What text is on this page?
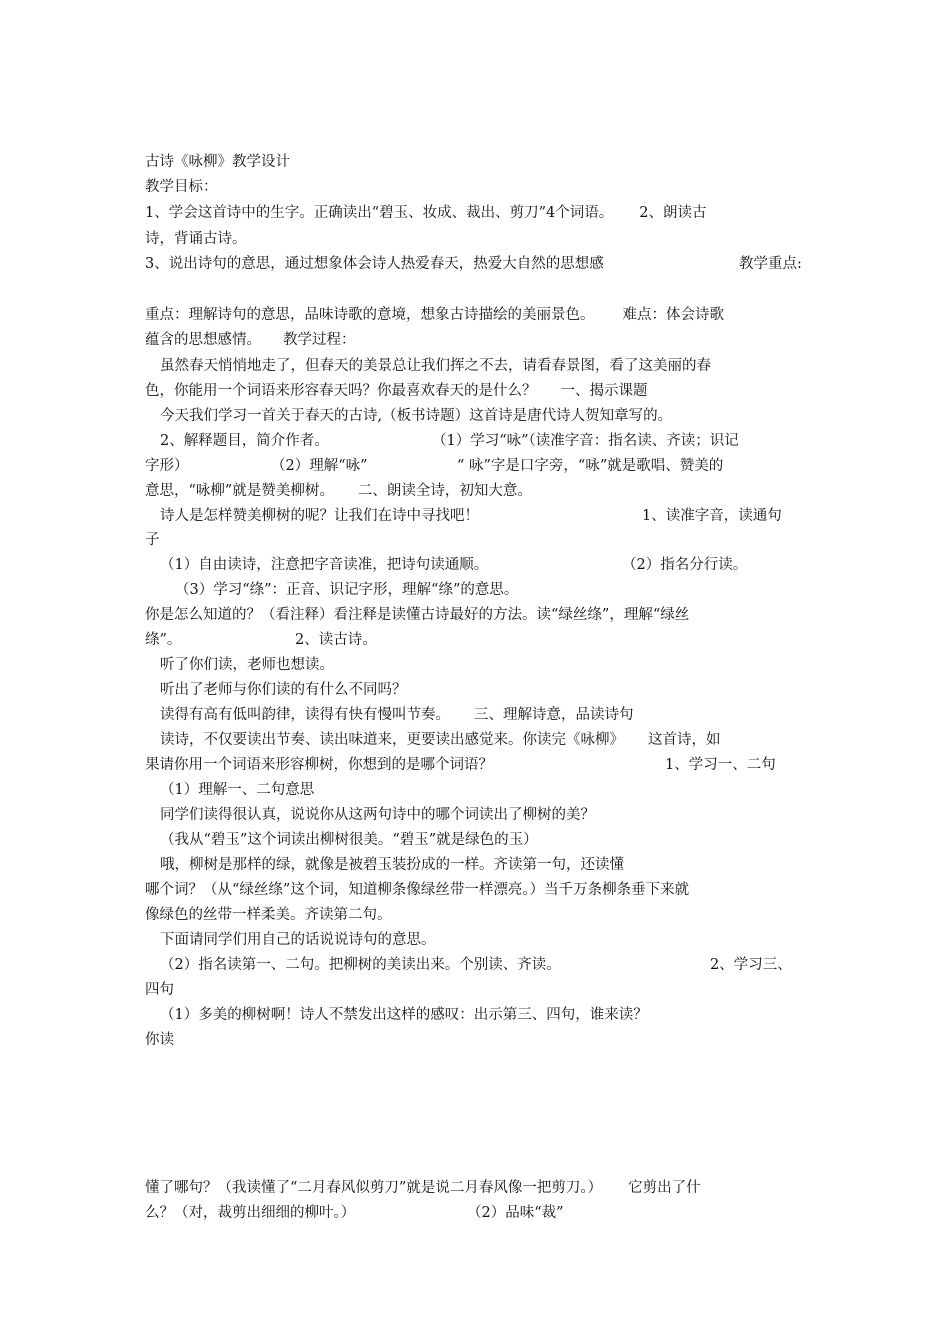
古诗《咏柳》教学设计
教学目标：
1、学会这首诗中的生字。正确读出“碧玉、妆成、裁出、剪刀”4个词语。 2、朗读古
诗，背诵古诗。
3、说出诗句的意思，通过想象体会诗人热爱春天，热爱大自然的思想感	教学重点:
重点：理解诗句的意思，品味诗歌的意境，想象古诗描绘的美丽景色。 难点：体会诗歌
蕴含的思想感情。 教学过程：
虽然春天悄悄地走了，但春天的美景总让我们挥之不去，请看春景图，看了这美丽的春
色，你能用一个词语来形容春天吗？你最喜欢春天的是什么？ 一、揭示课题
今天我们学习一首关于春天的古诗,（板书诗题）这首诗是唐代诗人贺知章写的。
2、解释题目，简介作者。	（1）学习“咏”（读准字音：指名读、齐读；识记
字形）	（2）理解“咏”	“ 咏”字是口字旁，“咏”就是歌唱、赞美的
意思，“咏柳”就是赞美柳树。 二、朗读全诗，初知大意。
诗人是怎样赞美柳树的呢？让我们在诗中寻找吧！	1、读准字音，读通句
子
（1）自由读诗，注意把字音读准，把诗句读通顺。	（2）指名分行读。
（3）学习“绦”：正音、识记字形，理解“绦”的意思。
你是怎么知道的？（看注释）看注释是读懂古诗最好的方法。读“绿丝绦”，理解“绿丝
绦”。	2、读古诗。
听了你们读，老师也想读。
听出了老师与你们读的有什么不同吗？
读得有高有低叫韵律，读得有快有慢叫节奏。 三、理解诗意，品读诗句
读诗，不仅要读出节奏、读出味道来，更要读出感觉来。你读完《咏柳》 这首诗，如
果请你用一个词语来形容柳树，你想到的是哪个词语？	1、学习一、二句
（1）理解一、二句意思
同学们读得很认真，说说你从这两句诗中的哪个词读出了柳树的美？
（我从“碧玉”这个词读出柳树很美。“碧玉”就是绿色的玉）
哦，柳树是那样的绿，就像是被碧玉装扮成的一样。齐读第一句，还读懂
哪个词？（从“绿丝绦”这个词，知道柳条像绿丝带一样漂亮。）当千万条柳条垂下来就
像绿色的丝带一样柔美。齐读第二句。
下面请同学们用自己的话说说诗句的意思。
（2）指名读第一、二句。把柳树的美读出来。个别读、齐读。	2、学习三、
四句
（1）多美的柳树啊！诗人不禁发出这样的感叹：出示第三、四句，谁来读？
你读
懂了哪句？（我读懂了“二月春风似剪刀”就是说二月春风像一把剪刀。） 它剪出了什
么？（对，裁剪出细细的柳叶。）	（2）品味“裁”
